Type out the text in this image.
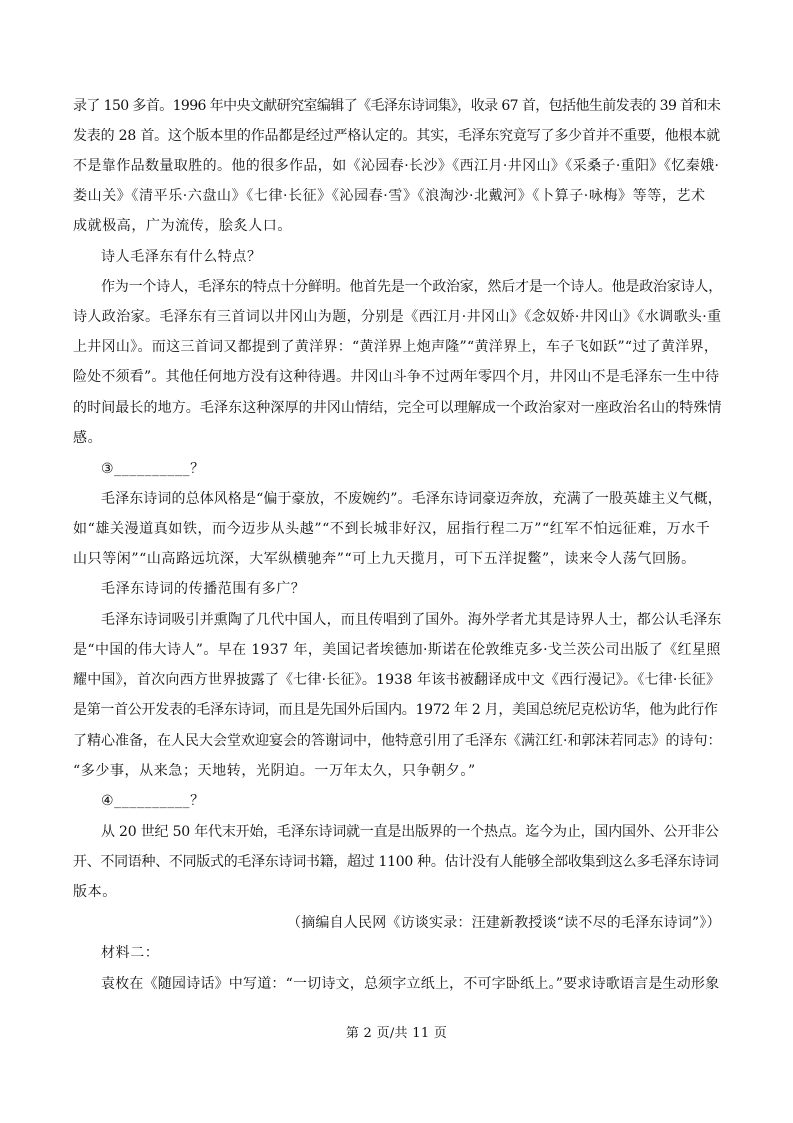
录了 150 多首。1996 年中央文献研究室编辑了《毛泽东诗词集》，收录 67 首，包括他生前发表的 39 首和未
发表的 28 首。这个版本里的作品都是经过严格认定的。其实，毛泽东究竟写了多少首并不重要，他根本就
不是靠作品数量取胜的。他的很多作品，如《沁园春·长沙》《西江月·井冈山》《采桑子·重阳》《忆秦娥·
娄山关》《清平乐·六盘山》《七律·长征》《沁园春·雪》《浪淘沙·北戴河》《卜算子·咏梅》等等，艺术
成就极高，广为流传，脍炙人口。
诗人毛泽东有什么特点？
作为一个诗人，毛泽东的特点十分鲜明。他首先是一个政治家，然后才是一个诗人。他是政治家诗人，
诗人政治家。毛泽东有三首词以井冈山为题，分别是《西江月·井冈山》《念奴娇·井冈山》《水调歌头·重
上井冈山》。而这三首词又都提到了黄洋界：“黄洋界上炮声隆”“黄洋界上，车子飞如跃”“过了黄洋界，
险处不须看”。其他任何地方没有这种待遇。井冈山斗争不过两年零四个月，井冈山不是毛泽东一生中待
的时间最长的地方。毛泽东这种深厚的井冈山情结，完全可以理解成一个政治家对一座政治名山的特殊情
感。
③__________？
毛泽东诗词的总体风格是“偏于豪放，不废婉约”。毛泽东诗词豪迈奔放，充满了一股英雄主义气概，
如“雄关漫道真如铁，而今迈步从头越”“不到长城非好汉，屈指行程二万”“红军不怕远征难，万水千
山只等闲”“山高路远坑深，大军纵横驰奔”“可上九天揽月，可下五洋捉鳖”，读来令人荡气回肠。
毛泽东诗词的传播范围有多广？
毛泽东诗词吸引并熏陶了几代中国人，而且传唱到了国外。海外学者尤其是诗界人士，都公认毛泽东
是“中国的伟大诗人”。早在 1937 年，美国记者埃德加·斯诺在伦敦维克多·戈兰茨公司出版了《红星照
耀中国》，首次向西方世界披露了《七律·长征》。1938 年该书被翻译成中文《西行漫记》。《七律·长征》
是第一首公开发表的毛泽东诗词，而且是先国外后国内。1972 年 2 月，美国总统尼克松访华，他为此行作
了精心准备，在人民大会堂欢迎宴会的答谢词中，他特意引用了毛泽东《满江红·和郭沫若同志》的诗句：
“多少事，从来急；天地转，光阴迫。一万年太久，只争朝夕。”
④__________？
从 20 世纪 50 年代末开始，毛泽东诗词就一直是出版界的一个热点。迄今为止，国内国外、公开非公
开、不同语种、不同版式的毛泽东诗词书籍，超过 1100 种。估计没有人能够全部收集到这么多毛泽东诗词
版本。
（摘编自人民网《访谈实录：汪建新教授谈“读不尽的毛泽东诗词”》）
材料二：
袁枚在《随园诗话》中写道：“一切诗文，总须字立纸上，不可字卧纸上。”要求诗歌语言是生动形象
第 2 页/共 11 页
